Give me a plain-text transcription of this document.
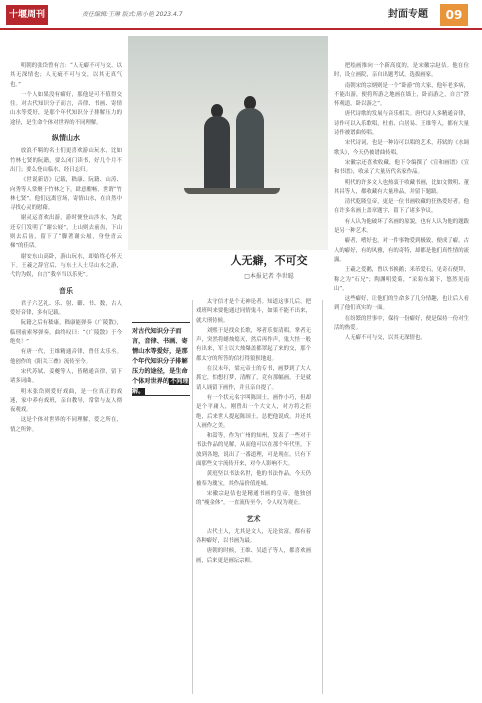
十堰周刊	责任编辑:王琳 版式:陈小艳 2023.4.7	封面专题	09

明朝的张岱曾有言：“人无癖不可与交，以其无深情也；人无疵不可与交，以其无真气也。”

一个人如果没有癖好，那他是可不值得交往。对古代知识分子而言，音律、书画、寄情山水等爱好，是那个年代知识分子排解压力的途径，是生命个体对世界的不同理解。

纵情山水

放浪不羁的名士们更喜欢游山玩水，比如竹林七贤的阮籍，要么闭门读书，好几个月不出门；要么登山临水，经日忘归。

《世说新语》记载，嵇康、阮籍、山涛、向秀等人常聚于竹林之下，肆意酣畅，世谓“竹林七贤”。他们远离官场，寄情山水，在自然中寻找心灵的慰藉。

谢灵运喜欢出游，游时便登山涉水，为此还专门发明了“谢公屐”，上山则去前齿，下山则去后齿，留下了“脚著谢公屐，身登青云梯”的佳话。

谢安东山高卧，游山玩水，却始终心怀天下。王羲之辞官后，与东土人士尽山水之游，弋钓为娱，自言“我卒当以乐死”。

音乐

君子六艺礼、乐、射、御、书、数，古人爱好音律，多有记载。

阮籍之后有嵇康，嵇康能弹奏《广陵散》，临刑前索琴弹奏，曲终叹曰：“《广陵散》于今绝矣！”

有唐一代，王维精通音律，曾任太乐丞。他创作的《阳关三叠》流传至今。

宋代苏轼、姜夔等人，皆精通音律，留下诸多词曲。

明末张岱则爱好戏曲，是一位真正的戏迷，家中养有戏班，亲自教导，常常与友人彻夜观戏。

这是个体对世界的不同理解，爱之所在，情之所钟。

人无癖，不可交
□本报记者 李世聪
对古代知识分子而言，音律、书画、寄情山水等爱好，是那个年代知识分子排解压力的途径，是生命个体对世界的不同理解。

太守信才是个无神论者。知道这事儿后，把戏班叫来要他通过同情鬼斗，如果不能不出来，就大刑侍候。

刘熙于是找众长歌，琴者乐要清唱，掌者无声，突然将蜡烛熄灭，然后再作声，鬼大怪一般有出来，军士以大烛爆盖都罩起了来的交，那个都太守的所答的信打得狼狈地退。

在汉末年，梁元帝士的专书，画梦到了大人抓它，怕想打梦，清醒了，竞有那幅画，于是就请人诵留下画作，并且亲自提了。

有一个状元名字叫陈国士，画作小巧，但却是个平庸人，刚曾出一个大文人，对方将之拒绝，后来世人提起陈国士，总把他说成，并还其人画作之美。

和嵩等，作为广州的知州，发表了一些对于书法作品的见解，从而他可以在那个年代里，下放到各地，说出了一番道理，可是现在，只有下面那些文字流传开来，对今人影响不大。

黄庭坚以书法名世，他的书法作品，今天仍被奉为瑰宝，其作品价值连城。

宋徽宗赵佶也是精通书画的皇帝，他独创的“瘦金体”，一直流传至今，令人叹为观止。

艺术

古代士人，尤其是文人，无论贫富，都有着各种癖好，以书画为最。

唐朝的时候，王维、吴道子等人，都喜欢画画，后来更是画坛宗师。

把绘画推向一个新高度的，是宋徽宗赵佶。他在位时，设立画院，亲自出题考试，选拔画家。

南朝宋的宗炳则是一个“卧游”的大家，他年老多病，不能出游，便将所游之地画在墙上，卧而游之，自言“澄怀观道，卧以游之”。

唐代诗歌的发展与音乐相关。唐代诗人多精通音律，诗作可以入乐歌唱，杜甫、白居易、王维等人，都有大量诗作被谱曲传唱。

宋代诗词，也是一种诗可以唱的艺术，苏轼的《水调歌头》，今天仍被谱曲传唱。

宋徽宗还喜欢收藏，他下令编撰了《宣和画谱》《宣和书谱》，收录了大量历代名家作品。

明代的许多文人也热衷于收藏书画，比如文徵明、董其昌等人，都收藏有大量珍品，并留下题跋。

清代乾隆皇帝，更是一位书画收藏的狂热爱好者，他在许多名画上盖章题字，留下了诸多争议。

有人认为他破坏了名画的原貌，也有人认为他的题跋是另一种艺术。

癖者，嗜好也。对一件事物爱到极致，便成了癖。古人的癖好，有的风雅，有的奇特，却都是他们真性情的流露。

王羲之爱鹅，曾以书换鹅；米芾爱石，见奇石便拜，称之为“石兄”；陶渊明爱菊，“采菊东篱下，悠然见南山”。

这些癖好，让他们的生命多了几分情趣，也让后人看到了他们真实的一面。

在纷繁的世事中，保持一份癖好，便是保持一份对生活的热爱。

人无癖不可与交，以其无深情也。
